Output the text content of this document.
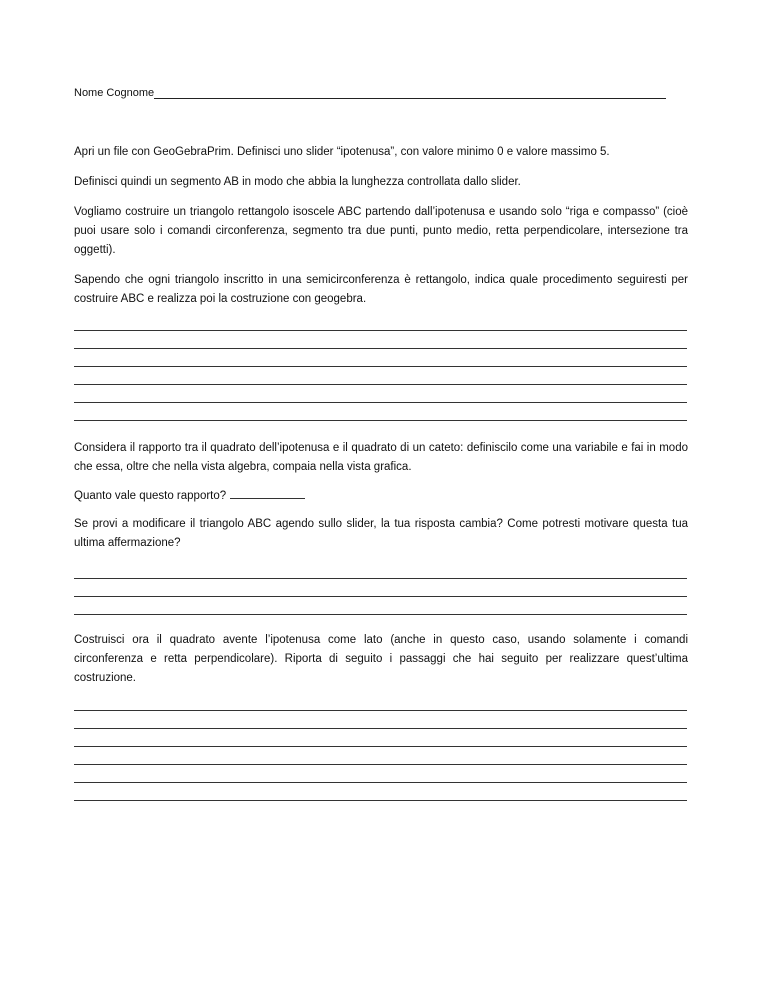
Nome Cognome

Apri un file con GeoGebraPrim. Definisci uno slider “ipotenusa”, con valore minimo 0 e valore massimo 5.

Definisci quindi un segmento AB in modo che abbia la lunghezza controllata dallo slider.

Vogliamo costruire un triangolo rettangolo isoscele ABC partendo dall’ipotenusa e usando solo “riga e compasso” (cioè puoi usare solo i comandi circonferenza, segmento tra due punti, punto medio, retta perpendicolare, intersezione tra oggetti).

Sapendo che ogni triangolo inscritto in una semicirconferenza è rettangolo, indica quale procedimento seguiresti per costruire ABC e realizza poi la costruzione con geogebra.

Considera il rapporto tra il quadrato dell’ipotenusa e il quadrato di un cateto: definiscilo come una variabile e fai in modo che essa, oltre che nella vista algebra, compaia nella vista grafica.

Quanto vale questo rapporto?

Se provi a modificare il triangolo ABC agendo sullo slider, la tua risposta cambia? Come potresti motivare questa tua ultima affermazione?

Costruisci ora il quadrato avente l’ipotenusa come lato (anche in questo caso, usando solamente i comandi circonferenza e retta perpendicolare). Riporta di seguito i passaggi che hai seguito per realizzare quest’ultima costruzione.
